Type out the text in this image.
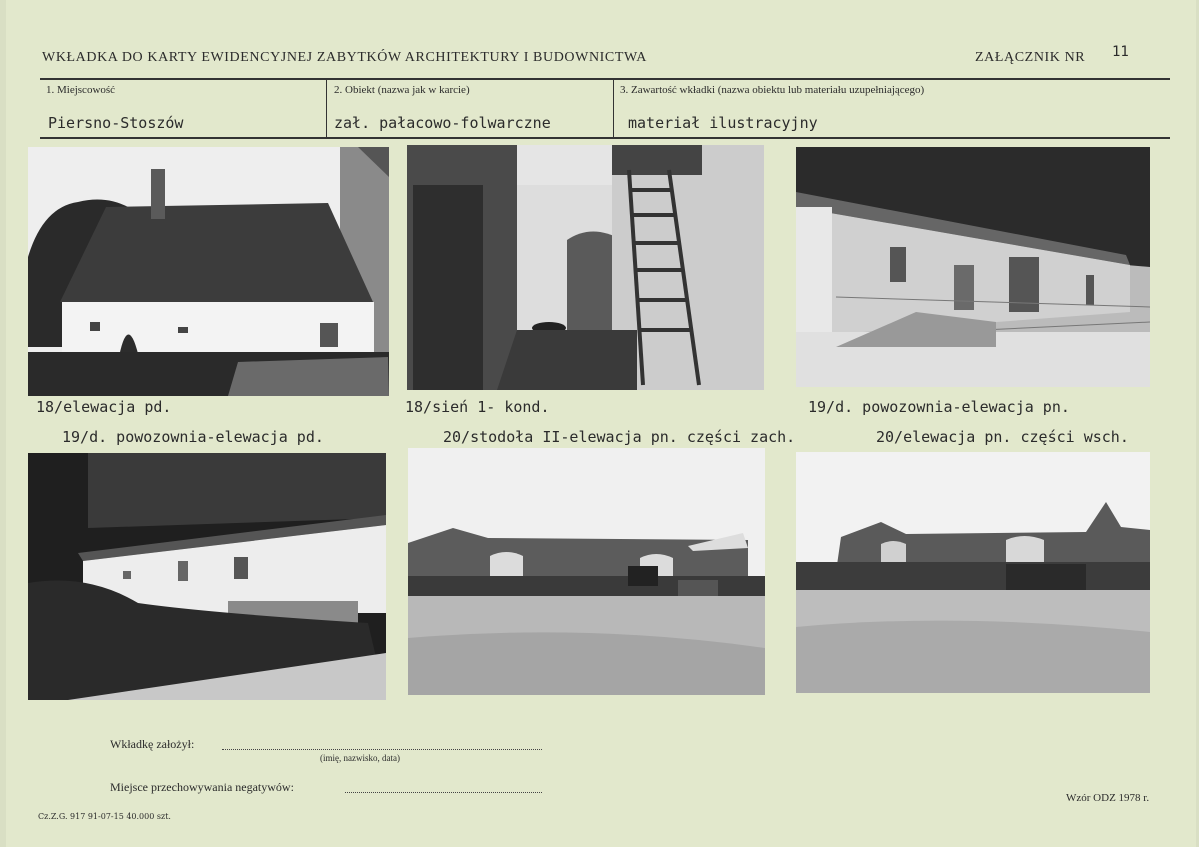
WKŁADKA DO KARTY EWIDENCYJNEJ ZABYTKÓW ARCHITEKTURY I BUDOWNICTWA	ZAŁĄCZNIK NR 11
1. Miejscowość
Piersno-Stoszów
2. Obiekt (nazwa jak w karcie)
zał. pałacowo-folwarczne
3. Zawartość wkładki (nazwa obiektu lub materiału uzupełniającego)
materiał ilustracyjny
18/elewacja pd.	18/sień 1- kond.	19/d. powozownia-elewacja pn.
19/d. powozownia-elewacja pd.	20/stodoła II-elewacja pn. części zach.	20/elewacja pn. części wsch.
Wkładkę założył:
(imię, nazwisko, data)
Miejsce przechowywania negatywów:
Cz.Z.G. 917 91-07-15 40.000 szt.
Wzór ODZ 1978 r.
